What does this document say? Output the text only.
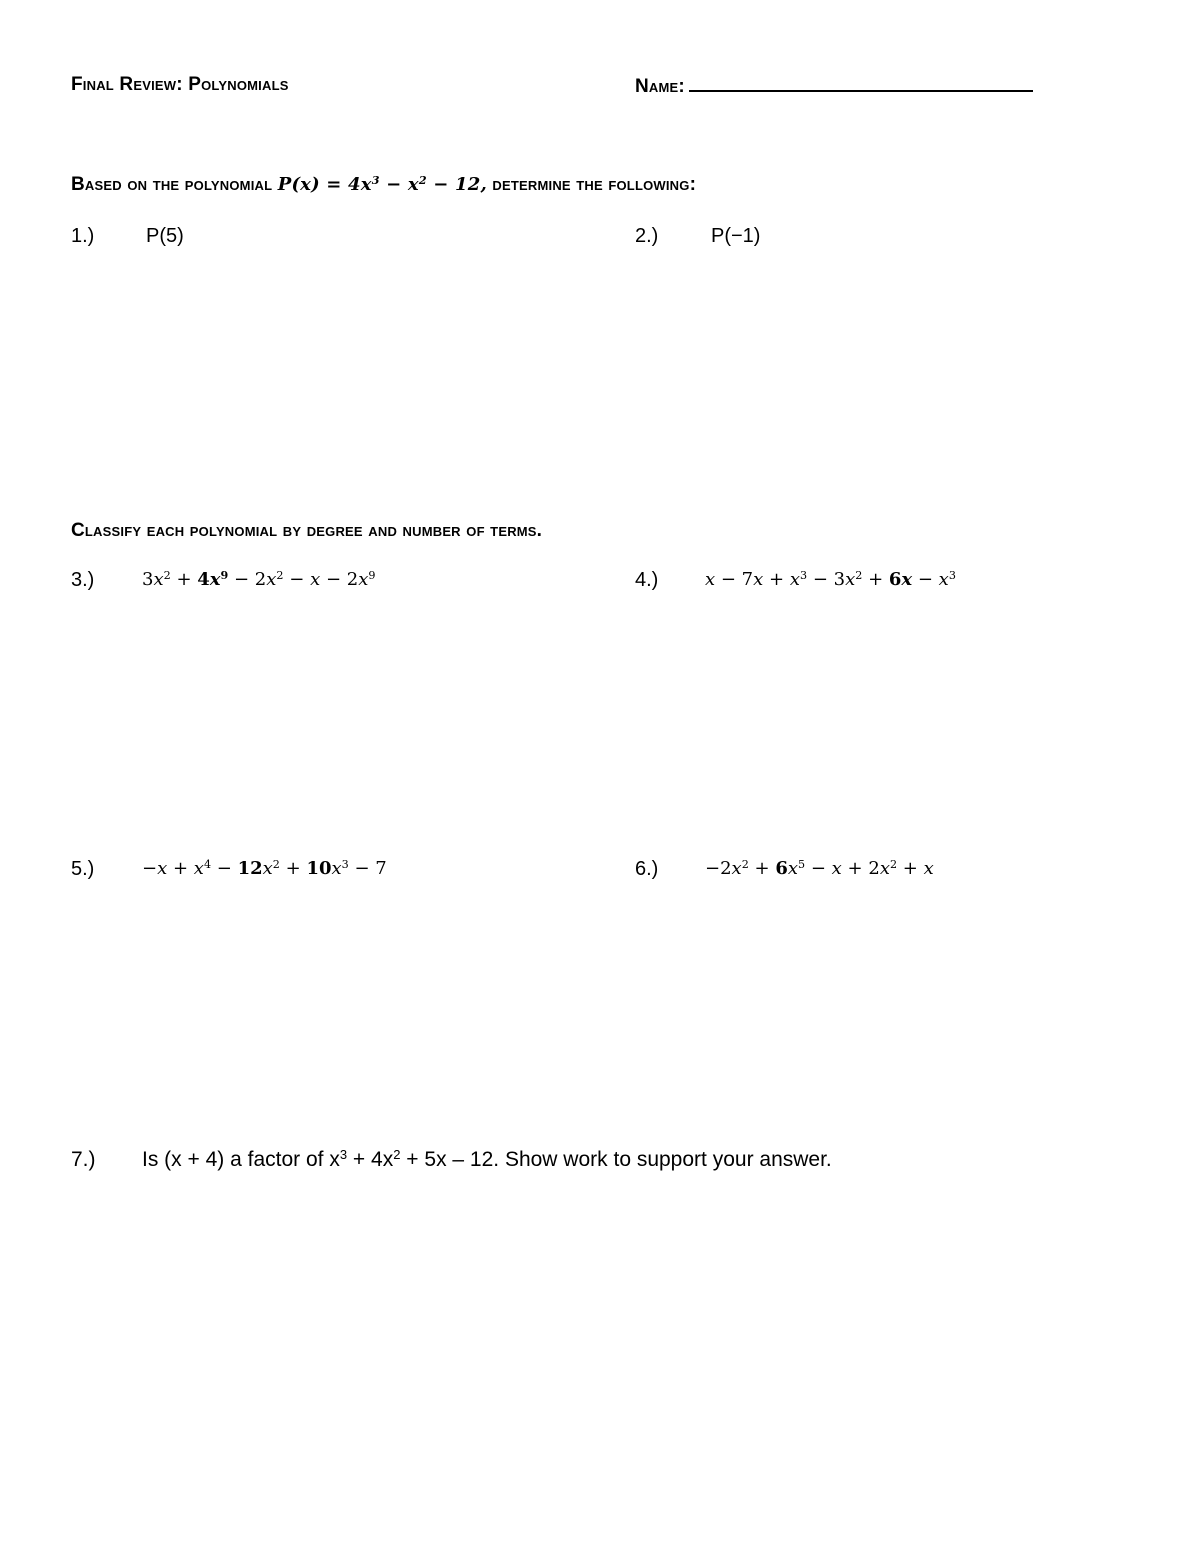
Final Review: Polynomials	Name:
Based on the polynomial $P(x) = 4x^3 - x^2 - 12$, determine the following:
1.)	P(5)	2.)	P(−1)
Classify each polynomial by degree and number of terms.
3.)	$3x^2 + 4x^9 - 2x^2 - x - 2x^9$	4.)	$x - 7x + x^3 - 3x^2 + 6x - x^3$
5.)	$-x + x^4 - 12x^2 + 10x^3 - 7$	6.)	$-2x^2 + 6x^5 - x + 2x^2 + x$
7.) Is (x + 4) a factor of $x^3 + 4x^2 + 5x - 12$. Show work to support your answer.
